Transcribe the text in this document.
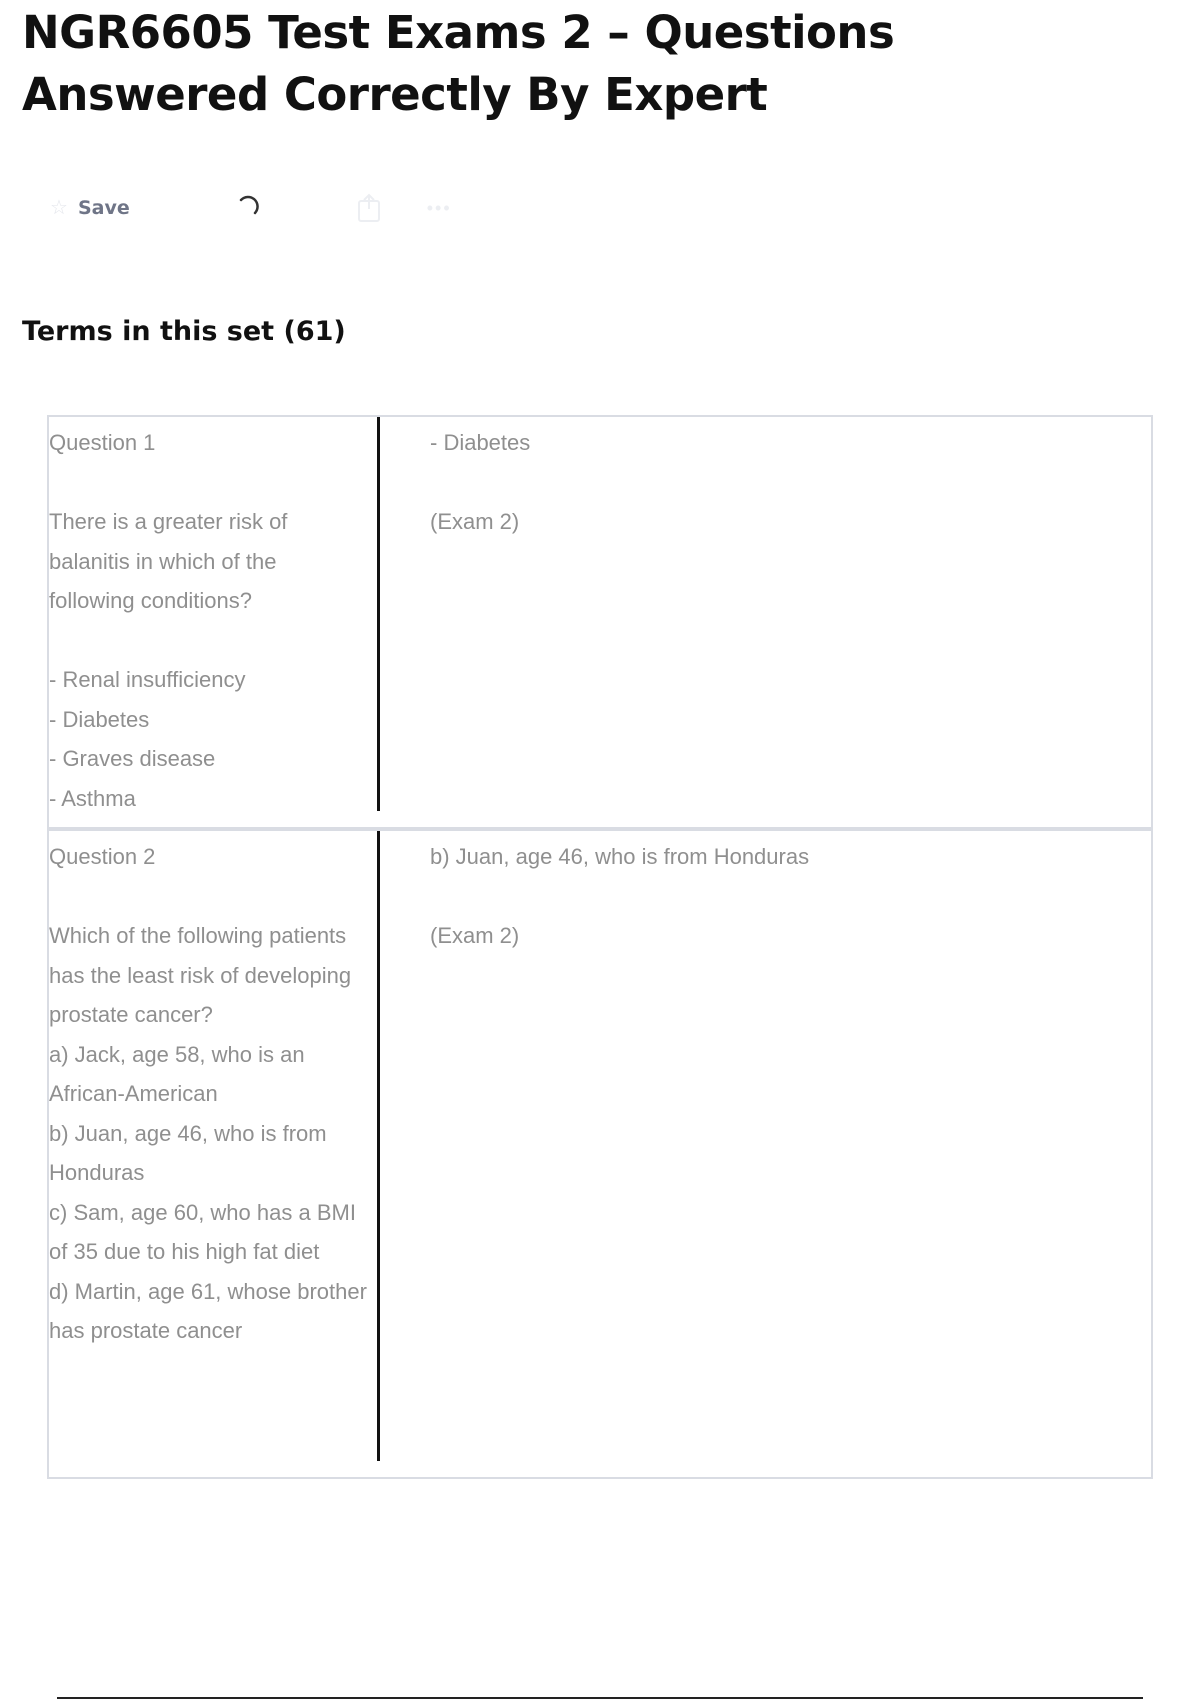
NGR6605 Test Exams 2 – Questions Answered Correctly By Expert
☆ Save	•••
Terms in this set (61)
Question 1

There is a greater risk of balanitis in which of the following conditions?

- Renal insufficiency
- Diabetes
- Graves disease
- Asthma
- Diabetes

(Exam 2)
Question 2

Which of the following patients has the least risk of developing prostate cancer?
a) Jack, age 58, who is an African-American
b) Juan, age 46, who is from Honduras
c) Sam, age 60, who has a BMI of 35 due to his high fat diet
d) Martin, age 61, whose brother has prostate cancer
b) Juan, age 46, who is from Honduras

(Exam 2)
